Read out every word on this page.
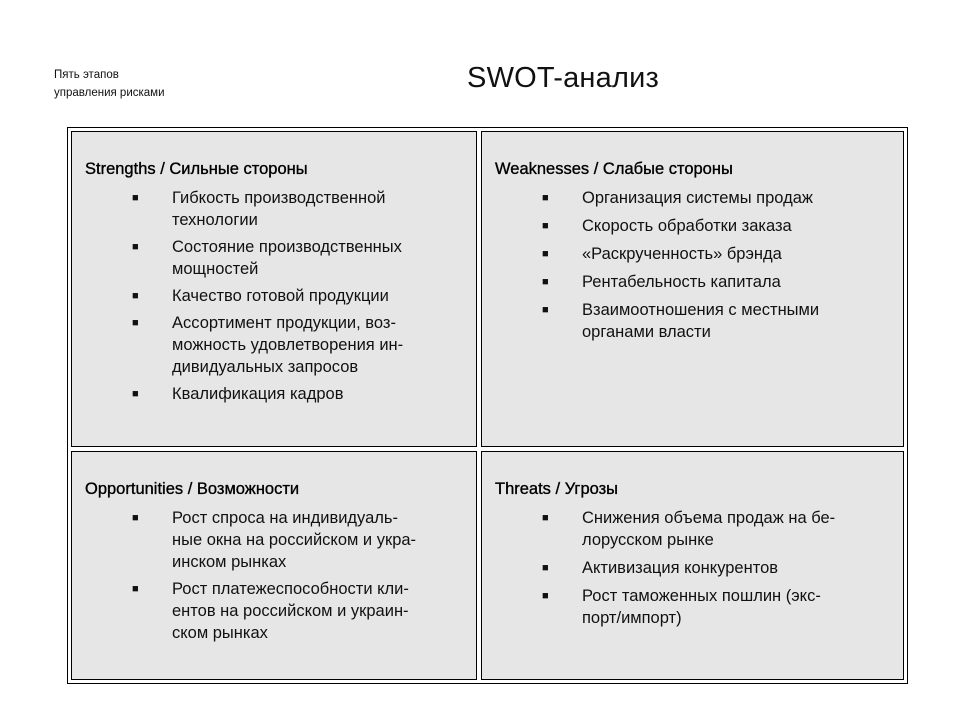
Пять этапов
управления рисками	SWOT-анализ
Strengths / Сильные стороны
■ Гибкость производственной
технологии
■ Состояние производственных
мощностей
■ Качество готовой продукции
■ Ассортимент продукции, воз-
можность удовлетворения ин-
дивидуальных запросов
■ Квалификация кадров
Weaknesses / Слабые стороны
■ Организация системы продаж
■ Скорость обработки заказа
■ «Раскрученность» брэнда
■ Рентабельность капитала
■ Взаимоотношения с местными
органами власти
Opportunities / Возможности
■ Рост спроса на индивидуаль-
ные окна на российском и укра-
инском рынках
■ Рост платежеспособности кли-
ентов на российском и украин-
ском рынках
Threats / Угрозы
■ Снижения объема продаж на бе-
лорусском рынке
■ Активизация конкурентов
■ Рост таможенных пошлин (экс-
порт/импорт)
